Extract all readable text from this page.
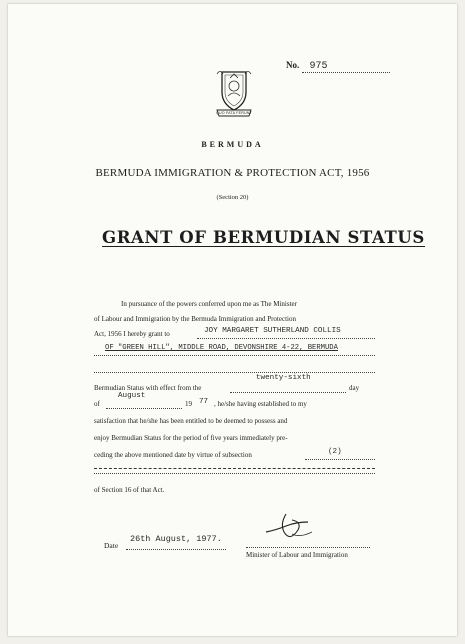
No. 975
QUO FATA FERUNT
BERMUDA
BERMUDA IMMIGRATION & PROTECTION ACT, 1956
(Section 20)
GRANT OF BERMUDIAN STATUS
In pursuance of the powers conferred upon me as The Minister
of Labour and Immigration by the Bermuda Immigration and Protection
Act, 1956 I hereby grant to	JOY MARGARET SUTHERLAND COLLIS
OF "GREEN HILL", MIDDLE ROAD, DEVONSHIRE 4-22, BERMUDA
Bermudian Status with effect from the
twenty-sixth
day
of
August
19 77 , he/she having established to my
satisfaction that he/she has been entitled to be deemed to possess and
enjoy Bermudian Status for the period of five years immediately pre-
ceding the above mentioned date by virtue of subsection	(2)
of Section 16 of that Act.
Date
26th August, 1977.
Minister of Labour and Immigration
